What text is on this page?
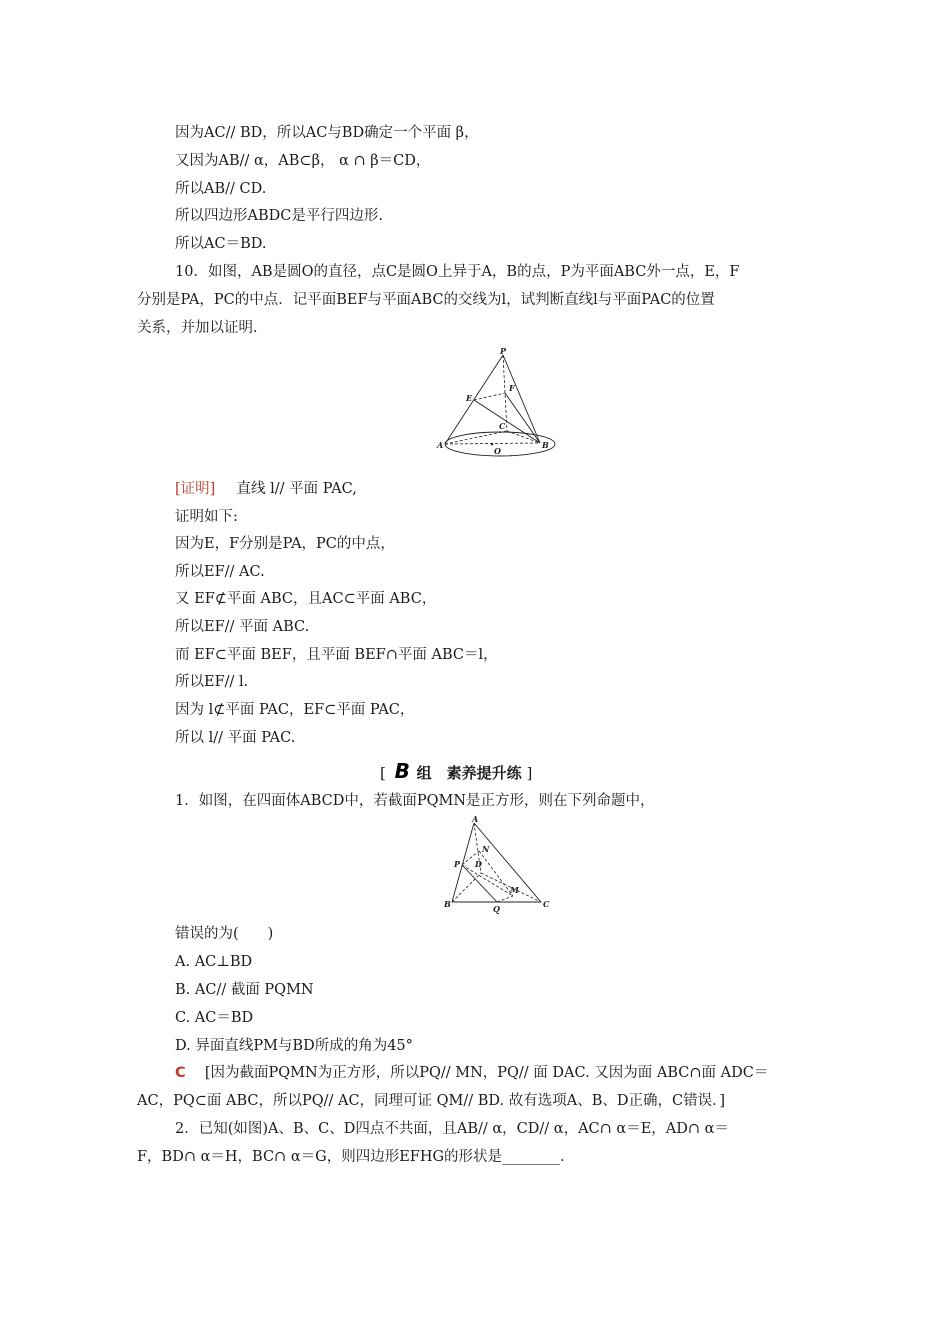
因为AC// BD，所以AC与BD确定一个平面 β，
又因为AB// α，AB⊂β， α ∩ β＝CD，
所以AB// CD.
所以四边形ABDC是平行四边形.
所以AC＝BD.
10．如图，AB是圆O的直径，点C是圆O上异于A，B的点，P为平面ABC外一点，E，F
分别是PA，PC的中点．记平面BEF与平面ABC的交线为l，试判断直线l与平面PAC的位置
关系，并加以证明．
P
F
E
C
A	B
O
[证明] 直线 l// 平面 PAC,
证明如下:
因为E，F分别是PA，PC的中点，
所以EF// AC.
又 EF⊄平面 ABC，且AC⊂平面 ABC，
所以EF// 平面 ABC.
而 EF⊂平面 BEF，且平面 BEF∩平面 ABC＝l，
所以EF// l.
因为 l⊄平面 PAC，EF⊂平面 PAC，
所以 l// 平面 PAC.
[ B 组　素养提升练 ]
1．如图，在四面体ABCD中，若截面PQMN是正方形，则在下列命题中，
A
N
D
P
M
B	Q	C
错误的为(　　)
A. AC⊥BD
B. AC// 截面 PQMN
C. AC＝BD
D. 异面直线PM与BD所成的角为45°
C [因为截面PQMN为正方形，所以PQ// MN，PQ// 面 DAC. 又因为面 ABC∩面 ADC＝
AC，PQ⊂面 ABC，所以PQ// AC，同理可证 QM// BD. 故有选项A、B、D正确，C错误．]
2．已知(如图)A、B、C、D四点不共面，且AB// α，CD// α，AC∩ α＝E，AD∩ α＝
F，BD∩ α＝H，BC∩ α＝G，则四边形EFHG的形状是________．
